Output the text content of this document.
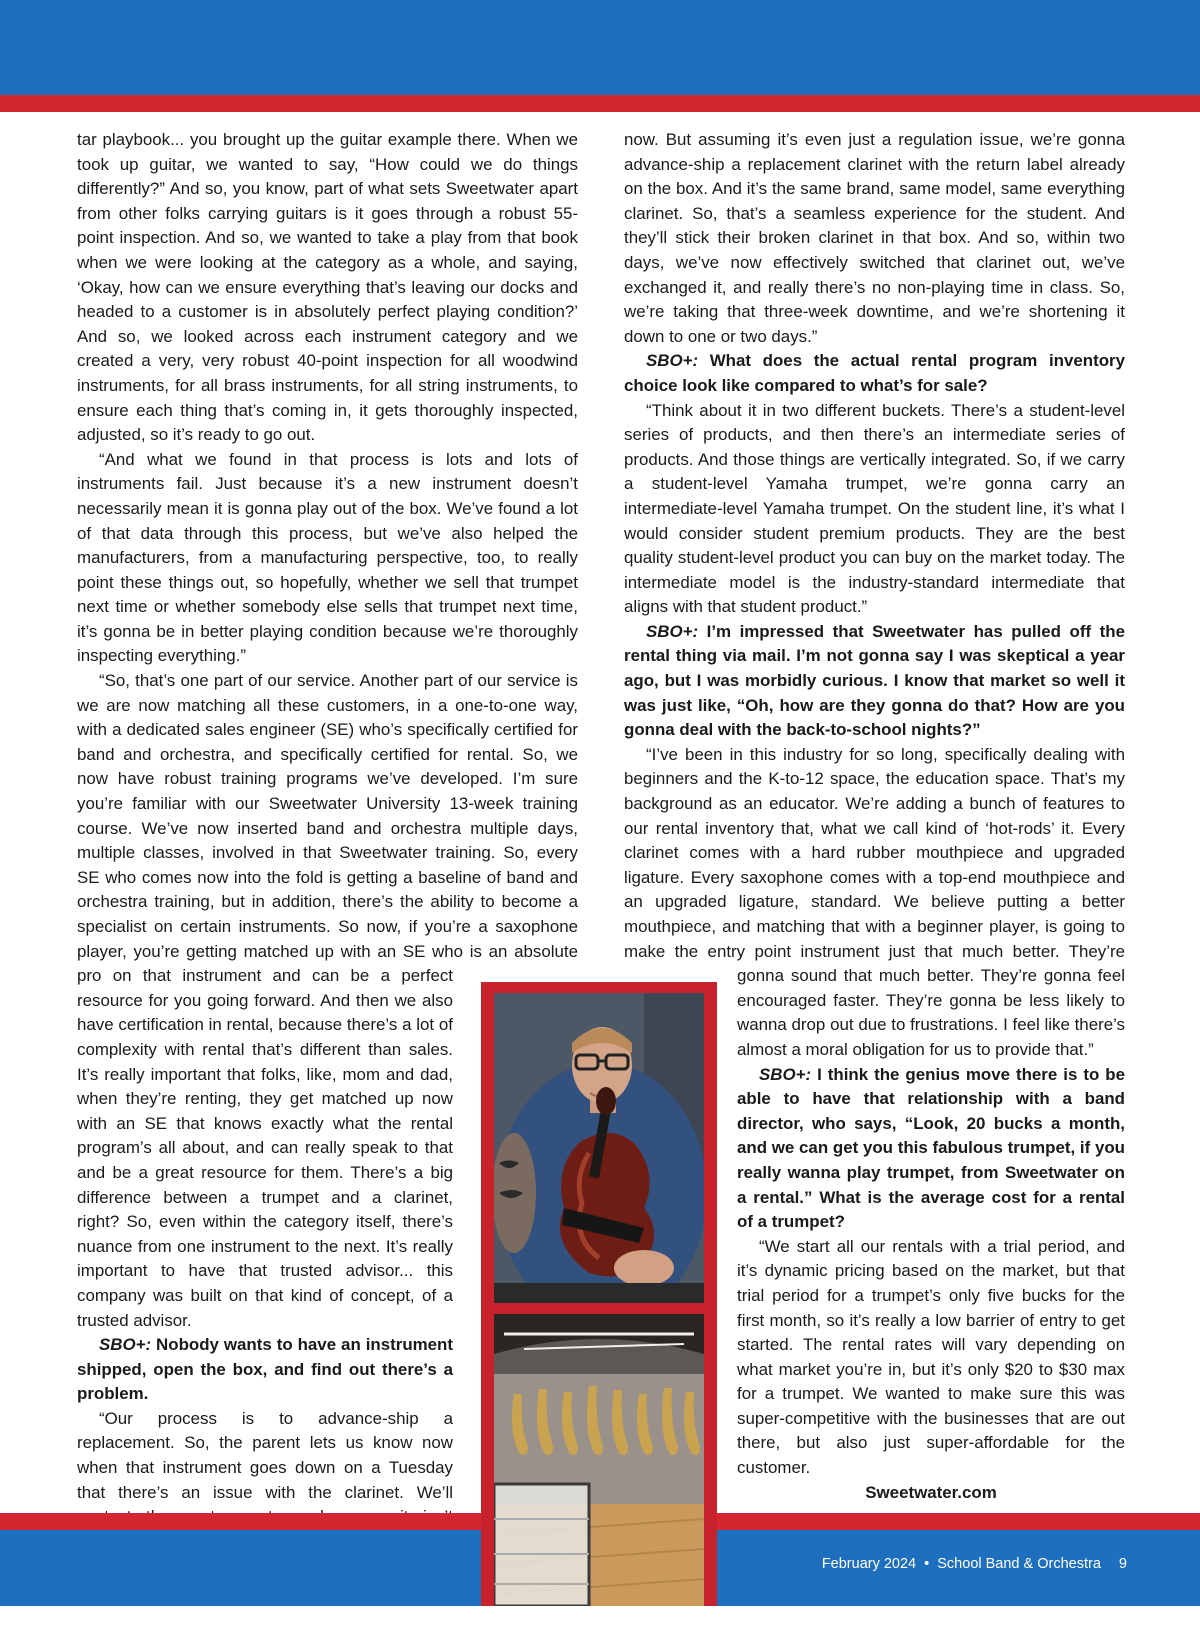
tar playbook... you brought up the guitar example there. When we took up guitar, we wanted to say, “How could we do things differently?” And so, you know, part of what sets Sweetwater apart from other folks carrying guitars is it goes through a robust 55-point inspection. And so, we wanted to take a play from that book when we were looking at the category as a whole, and saying, ‘Okay, how can we ensure everything that’s leaving our docks and headed to a customer is in absolutely perfect playing condition?’ And so, we looked across each instrument category and we created a very, very robust 40-point inspection for all woodwind instruments, for all brass instruments, for all string instruments, to ensure each thing that’s coming in, it gets thoroughly inspected, adjusted, so it’s ready to go out.

“And what we found in that process is lots and lots of instruments fail. Just because it’s a new instrument doesn’t necessarily mean it is gonna play out of the box. We’ve found a lot of that data through this process, but we’ve also helped the manufacturers, from a manufacturing perspective, too, to really point these things out, so hopefully, whether we sell that trumpet next time or whether somebody else sells that trumpet next time, it’s gonna be in better playing condition because we’re thoroughly inspecting everything.”

“So, that’s one part of our service. Another part of our service is we are now matching all these customers, in a one-to-one way, with a dedicated sales engineer (SE) who’s specifically certified for band and orchestra, and specifically certified for rental. So, we now have robust training programs we’ve developed. I’m sure you’re familiar with our Sweetwater University 13-week training course. We’ve now inserted band and orchestra multiple days, multiple classes, involved in that Sweetwater training. So, every SE who comes now into the fold is getting a baseline of band and orchestra training, but in addition, there’s the ability to become a specialist on certain instruments. So now, if you’re a saxophone player, you’re getting matched up with an SE who is an absolute pro on that instrument and can be a perfect resource for you going forward. And then we also have certification in rental, because there’s a lot of complexity with rental that’s different than sales. It’s really important that folks, like, mom and dad, when they’re renting, they get matched up now with an SE that knows exactly what the rental program’s all about, and can really speak to that and be a great resource for them. There’s a big difference between a trumpet and a clarinet, right? So, even within the category itself, there’s nuance from one instrument to the next. It’s really important to have that trusted advisor... this company was built on that kind of concept, of a trusted advisor.

SBO+: Nobody wants to have an instrument shipped, open the box, and find out there’s a problem.

“Our process is to advance-ship a replacement. So, the parent lets us know now when that instrument goes down on a Tuesday that there’s an issue with the clarinet. We’ll

now. But assuming it’s even just a regulation issue, we’re gonna advance-ship a replacement clarinet with the return label already on the box. And it’s the same brand, same model, same everything clarinet. So, that’s a seamless experience for the student. And they’ll stick their broken clarinet in that box. And so, within two days, we’ve now effectively switched that clarinet out, we’ve exchanged it, and really there’s no non-playing time in class. So, we’re taking that three-week downtime, and we’re shortening it down to one or two days.”

SBO+: What does the actual rental program inventory choice look like compared to what’s for sale?

“Think about it in two different buckets. There’s a student-level series of products, and then there’s an intermediate series of products. And those things are vertically integrated. So, if we carry a student-level Yamaha trumpet, we’re gonna carry an intermediate-level Yamaha trumpet. On the student line, it’s what I would consider student premium products. They are the best quality student-level product you can buy on the market today. The intermediate model is the industry-standard intermediate that aligns with that student product.”

SBO+: I’m impressed that Sweetwater has pulled off the rental thing via mail. I’m not gonna say I was skeptical a year ago, but I was morbidly curious. I know that market so well it was just like, “Oh, how are they gonna do that? How are you gonna deal with the back-to-school nights?”

“I’ve been in this industry for so long, specifically dealing with beginners and the K-to-12 space, the education space. That’s my background as an educator. We’re adding a bunch of features to our rental inventory that, what we call kind of ‘hot-rods’ it. Every clarinet comes with a hard rubber mouthpiece and upgraded ligature. Every saxophone comes with a top-end mouthpiece and an upgraded ligature, standard. We believe putting a better mouthpiece, and matching that with a beginner player, is going to make the entry point instrument just that much better. They’re gonna sound that much better. They’re gonna feel encouraged faster. They’re gonna be less likely to wanna drop out due to frustrations. I feel like there’s almost a moral obligation for us to provide that.”

SBO+: I think the genius move there is to be able to have that relationship with a band director, who says, “Look, 20 bucks a month, and we can get you this fabulous trumpet, if you really wanna play trumpet, from Sweetwater on a rental.” What is the average cost for a rental of a trumpet?

“We start all our rentals with a trial period, and it’s dynamic pricing based on the market, but that trial period for a trumpet’s only five bucks for the first month, so it’s really a low barrier of entry to get started. The rental rates will vary depending on what market you’re in, but it’s only $20 to $30 max for a trumpet. We wanted to make sure this was super-competitive with the businesses that are out there, but also just super-affordable for the customer.

Sweetwater.com

February 2024 • School Band & Orchestra 9
